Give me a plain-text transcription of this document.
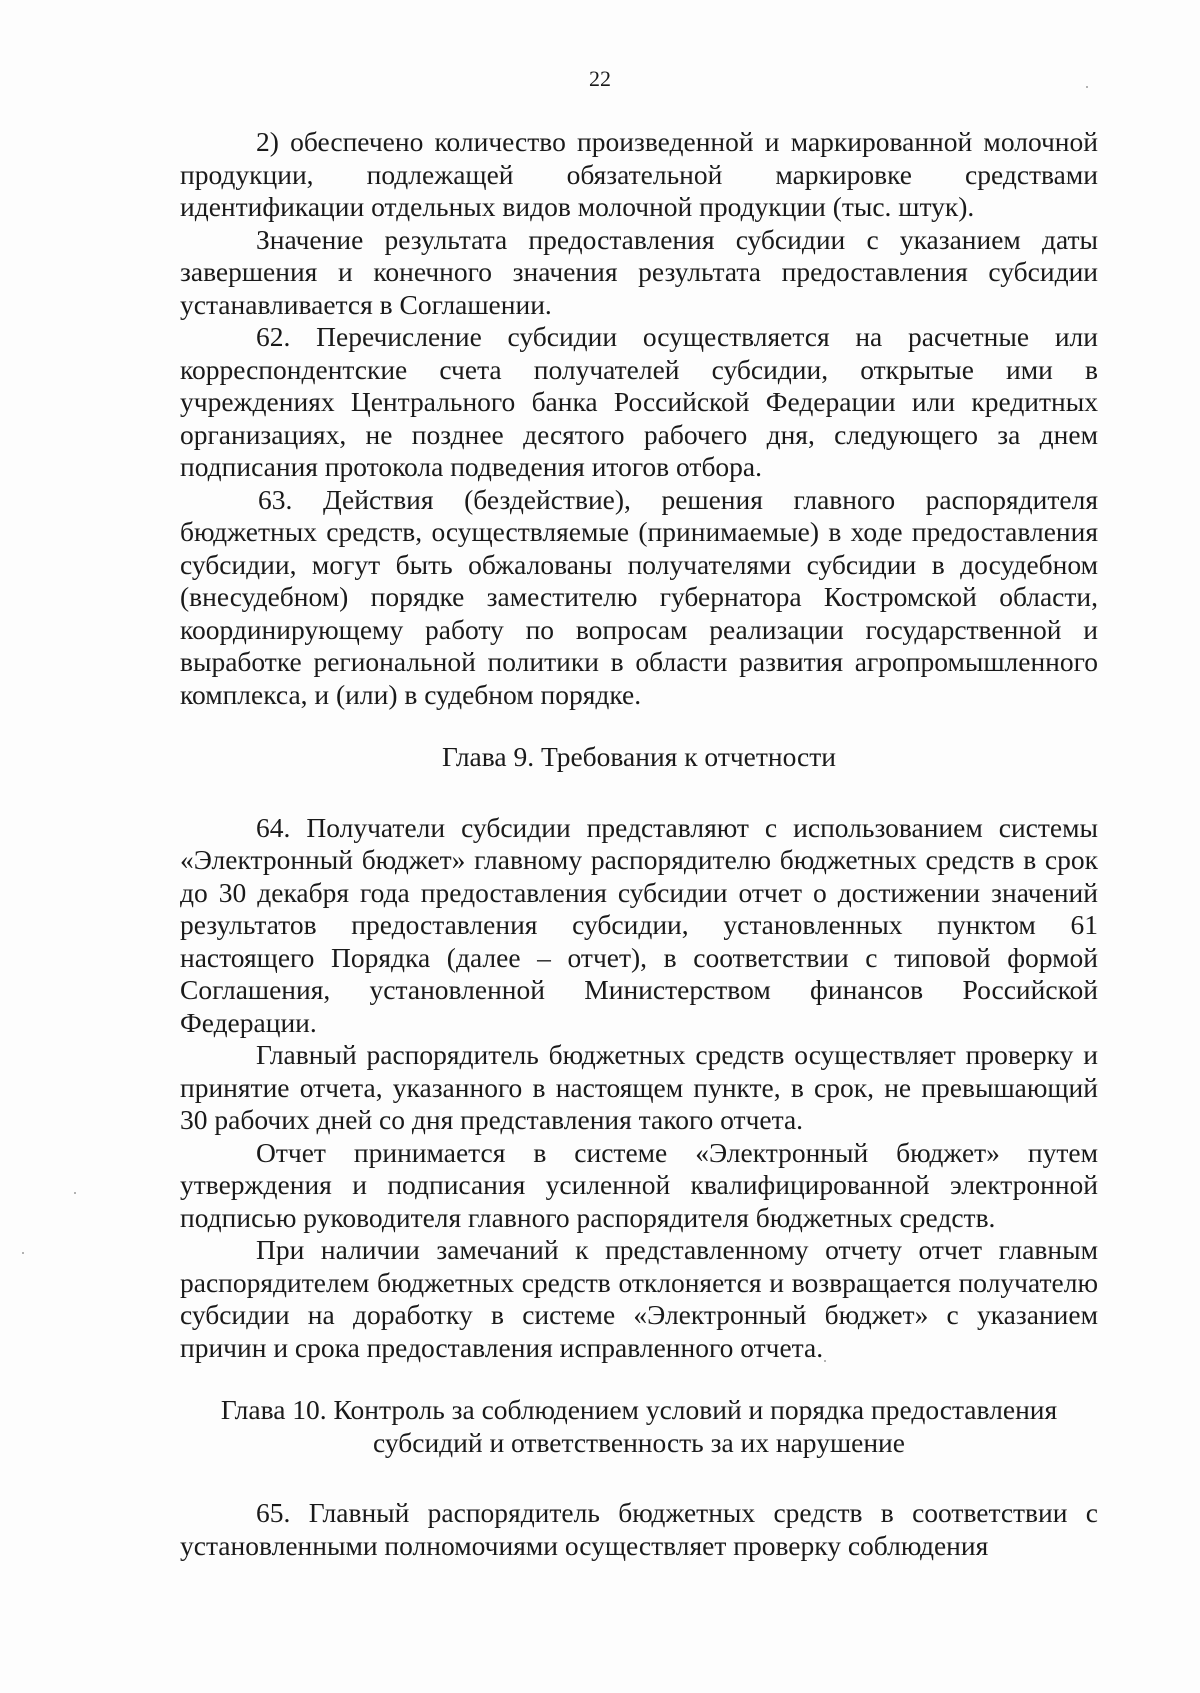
22

2) обеспечено количество произведенной и маркированной молочной продукции, подлежащей обязательной маркировке средствами идентификации отдельных видов молочной продукции (тыс. штук).

Значение результата предоставления субсидии с указанием даты завершения и конечного значения результата предоставления субсидии устанавливается в Соглашении.

62. Перечисление субсидии осуществляется на расчетные или корреспондентские счета получателей субсидии, открытые ими в учреждениях Центрального банка Российской Федерации или кредитных организациях, не позднее десятого рабочего дня, следующего за днем подписания протокола подведения итогов отбора.

63. Действия (бездействие), решения главного распорядителя бюджетных средств, осуществляемые (принимаемые) в ходе предоставления субсидии, могут быть обжалованы получателями субсидии в досудебном (внесудебном) порядке заместителю губернатора Костромской области, координирующему работу по вопросам реализации государственной и выработке региональной политики в области развития агропромышленного комплекса, и (или) в судебном порядке.

Глава 9. Требования к отчетности

64. Получатели субсидии представляют с использованием системы «Электронный бюджет» главному распорядителю бюджетных средств в срок до 30 декабря года предоставления субсидии отчет о достижении значений результатов предоставления субсидии, установленных пунктом 61 настоящего Порядка (далее – отчет), в соответствии с типовой формой Соглашения, установленной Министерством финансов Российской Федерации.

Главный распорядитель бюджетных средств осуществляет проверку и принятие отчета, указанного в настоящем пункте, в срок, не превышающий 30 рабочих дней со дня представления такого отчета.

Отчет принимается в системе «Электронный бюджет» путем утверждения и подписания усиленной квалифицированной электронной подписью руководителя главного распорядителя бюджетных средств.

При наличии замечаний к представленному отчету отчет главным распорядителем бюджетных средств отклоняется и возвращается получателю субсидии на доработку в системе «Электронный бюджет» с указанием причин и срока предоставления исправленного отчета.

Глава 10. Контроль за соблюдением условий и порядка предоставления
субсидий и ответственность за их нарушение

65. Главный распорядитель бюджетных средств в соответствии с установленными полномочиями осуществляет проверку соблюдения
